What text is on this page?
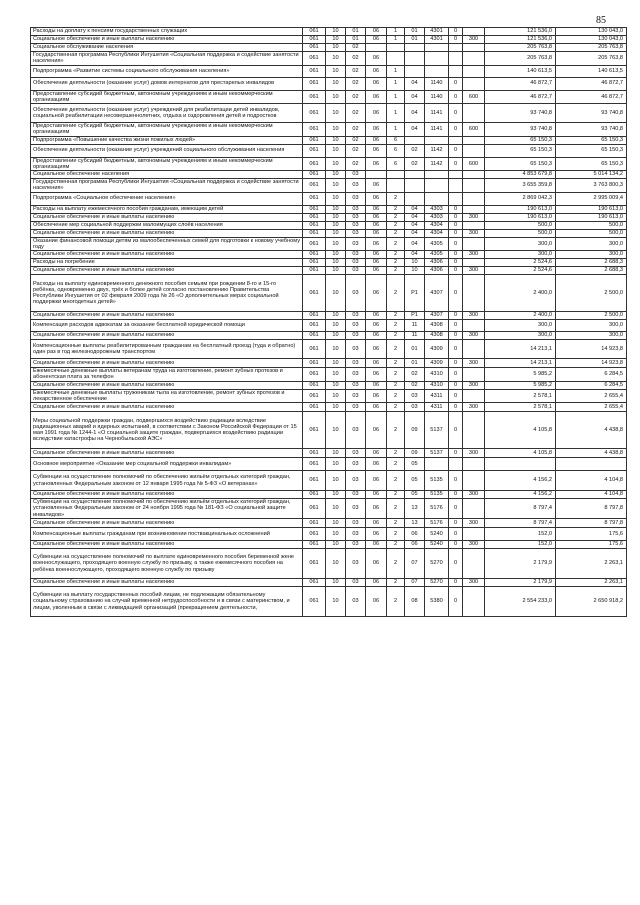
85
Расходы на доплату к пенсиям государственных служащих	061	10	01	06	1	01	4301	0		121 536,0	130 043,0
Социальное обеспечение и иные выплаты населению	061	10	01	06	1	01	4301	0	300	121 536,0	130 043,0
Социальное обслуживание населения	061	10	02							205 763,8	205 763,8
Государственная программа Республики Ингушетия «Социальная поддержка и содействие занятости населения»	061	10	02	06						205 763,8	205 763,8
Подпрограмма «Развитие системы социального обслуживания населения»	061	10	02	06	1					140 613,5	140 613,5
Обеспечение деятельности (оказание услуг) домов интернатов для престарелых инвалидов	061	10	02	06	1	04	1140	0		46 872,7	46 872,7
Предоставление субсидий бюджетным, автономным учреждениям и иным некоммерческим организациям	061	10	02	06	1	04	1140	0	600	46 872,7	46 872,7
Обеспечение деятельности (оказание услуг) учреждений для реабилитации детей инвалидов, социальной реабилитации несовершеннолетних, отдыха и оздоровления детей и подростков	061	10	02	06	1	04	1141	0		93 740,8	93 740,8
Предоставление субсидий бюджетным, автономным учреждениям и иным некоммерческим организациям	061	10	02	06	1	04	1141	0	600	93 740,8	93 740,8
Подпрограмма «Повышение качества жизни пожилых людей»	061	10	02	06	6					65 150,3	65 150,3
Обеспечение деятельности (оказание услуг) учреждений социального обслуживания населения	061	10	02	06	6	02	1142	0		65 150,3	65 150,3
Предоставление субсидий бюджетным, автономным учреждениям и иным некоммерческим организациям	061	10	02	06	6	02	1142	0	600	65 150,3	65 150,3
Социальное обеспечение населения	061	10	03							4 853 679,8	5 014 134,2
Государственная программа Республики Ингушетия «Социальная поддержка и содействие занятости населения»	061	10	03	06						3 655 359,8	3 763 800,3
Подпрограмма «Социальное обеспечение населения»	061	10	03	06	2					2 869 042,3	2 995 009,4
Расходы на выплату ежемесячного пособия гражданам, имеющим детей	061	10	03	06	2	04	4303	0		190 613,0	190 613,0
Социальное обеспечение и иные выплаты населению	061	10	03	06	2	04	4303	0	300	190 613,0	190 613,0
Обеспечение мер социальной поддержки малоимущих слоёв населения	061	10	03	06	2	04	4304	0		500,0	500,0
Социальное обеспечение и иные выплаты населению	061	10	03	06	2	04	4304	0	300	500,0	500,0
Оказание финансовой помощи детям из малообеспеченных семей для подготовки к новому учебному году	061	10	03	06	2	04	4305	0		300,0	300,0
Социальное обеспечение и иные выплаты населению	061	10	03	06	2	04	4305	0	300	300,0	300,0
Расходы на погребение	061	10	03	06	2	10	4306	0		2 524,6	2 688,3
Социальное обеспечение и иные выплаты населению	061	10	03	06	2	10	4306	0	300	2 524,6	2 688,3
Расходы на выплату единовременного денежного пособия семьям при рождении 8-го и 15-го ребёнка, одновременно двух, трёх и более детей согласно постановлению Правительства Республики Ингушетия от 02 февраля 2009 года № 26 «О дополнительных мерах социальной поддержки многодетных детей»	061	10	03	06	2	Р1	4307	0		2 400,0	2 500,0
Социальное обеспечение и иные выплаты населению	061	10	03	06	2	Р1	4307	0	300	2 400,0	2 500,0
Компенсация расходов адвокатам за оказание бесплатной юридической помощи	061	10	03	06	2	11	4308	0		300,0	300,0
Социальное обеспечение и иные выплаты населению	061	10	03	06	2	11	4308	0	300	300,0	300,0
Компенсационные выплаты реабилитированным гражданам на бесплатный проезд (туда и обратно) один раз в год железнодорожным транспортом	061	10	03	06	2	01	4309	0		14 213,1	14 923,8
Социальное обеспечение и иные выплаты населению	061	10	03	06	2	01	4309	0	300	14 213,1	14 923,8
Ежемесячные денежные выплаты ветеранам труда на изготовление, ремонт зубных протезов и абонентская плата за телефон	061	10	03	06	2	02	4310	0		5 985,2	6 284,5
Социальное обеспечение и иные выплаты населению	061	10	03	06	2	02	4310	0	300	5 985,2	6 284,5
Ежемесячные денежные выплаты труженикам тыла на изготовление, ремонт зубных протезов и лекарственное обеспечение	061	10	03	06	2	03	4311	0		2 578,1	2 655,4
Социальное обеспечение и иные выплаты населению	061	10	03	06	2	03	4311	0	300	2 578,1	2 655,4
Меры социальной поддержки граждан, подвергшихся воздействию радиации вследствие радиационных аварий и ядерных испытаний, в соответствии с Законом Российской Федерации от 15 мая 1991 года № 1244-1 «О социальной защите граждан, подвергшихся воздействию радиации вследствие катастрофы на Чернобыльской АЭС»	061	10	03	06	2	09	5137	0		4 105,8	4 438,8
Социальное обеспечение и иные выплаты населению	061	10	03	06	2	09	5137	0	300	4 105,8	4 438,8
Основное мероприятие «Оказание мер социальной поддержки инвалидам»	061	10	03	06	2	05					
Субвенции на осуществление полномочий по обеспечению жильём отдельных категорий граждан, установленных Федеральным законом от 12 января 1995 года № 5-ФЗ «О ветеранах»	061	10	03	06	2	05	5135	0		4 156,2	4 104,8
Социальное обеспечение и иные выплаты населению	061	10	03	06	2	05	5135	0	300	4 156,2	4 104,8
Субвенции на осуществление полномочий по обеспечению жильём отдельных категорий граждан, установленных Федеральным законом от 24 ноября 1995 года № 181-ФЗ «О социальной защите инвалидов»	061	10	03	06	2	13	5176	0		8 797,4	8 797,8
Социальное обеспечение и иные выплаты населению	061	10	03	06	2	13	5176	0	300	8 797,4	8 797,8
Компенсационные выплаты гражданам при возникновении поствакцинальных осложнений	061	10	03	06	2	06	5240	0		152,0	175,6
Социальное обеспечение и иные выплаты населению	061	10	03	06	2	06	5240	0	300	152,0	175,6
Субвенции на осуществление полномочий по выплате единовременного пособия беременной жене военнослужащего, проходящего военную службу по призыву, а также ежемесячного пособия на ребёнка военнослужащего, проходящего военную службу по призыву	061	10	03	06	2	07	5270	0		2 179,9	2 263,1
Социальное обеспечение и иные выплаты населению	061	10	03	06	2	07	5270	0	300	2 179,9	2 263,1
Субвенции на выплату государственных пособий лицам, не подлежащим обязательному социальному страхованию на случай временной нетрудоспособности и в связи с материнством, и лицам, уволенным в связи с ликвидацией организаций (прекращением деятельности,	061	10	03	06	2	08	5380	0		2 554 233,0	2 650 918,2
